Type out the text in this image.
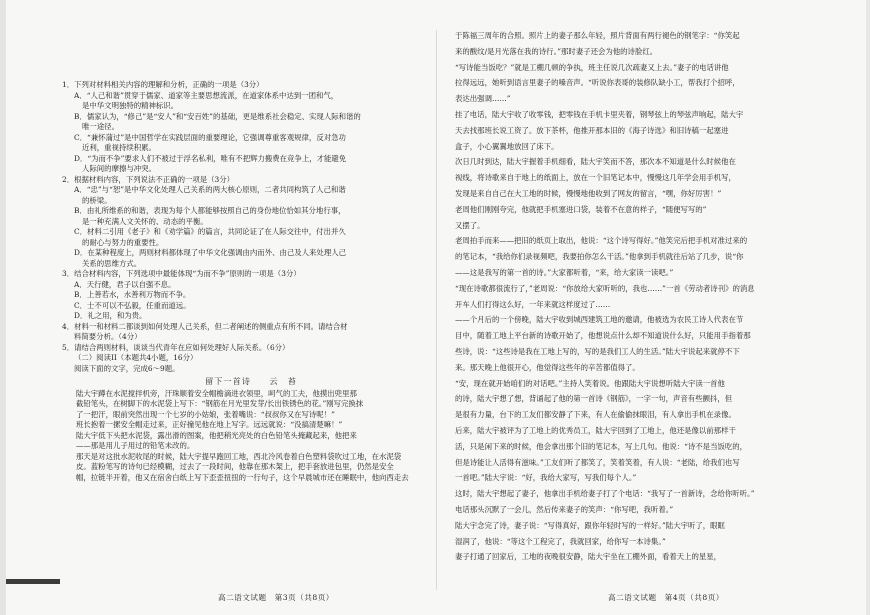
1．下列对材料相关内容的理解和分析，正确的一项是（3分）
A．“人己和谐”贯穿于儒家、道家等主要思想流派，在道家体系中达到一团和气，
是中华文明独特的精神标识。
B．儒家认为，“修己”是“安人”和“安百姓”的基础，更是维系社会稳定、实现人际和谐的
唯一途径。
C．“兼怀蒲过”是中国哲学在实践层面的重要理论，它强调尊重客观规律，反对急功
近利，重视持续积累。
D．“为而不争”要求人们不被过于浮名私利，唯有不把辉力搬费在竞争上，才能避免
人际间的摩擦与冲突。
2．根据材料内容，下列说法不正确的一项是（3分）
A．“忠”与“恕”是中华文化处理人己关系的两大核心原则，二者共同构筑了人己和谐
的桥梁。
B．由礼所维系的和谐，表现为每个人都能够按照自己的身份地位恰如其分地行事，
是一种充满人文关怀的、动态的平衡。
C．材料二引用《老子》和《劝学篇》的篇言，共同论证了在人际交往中，付出并久
的耐心与努力的重要性。
D．在某种程度上，两则材料都体现了中华文化强调由内而外、由己及人来处理人己
关系的思维方式。
3．结合材料内容，下列选项中最能体现“为而不争”原则的一项是（3分）
A．天行健，君子以自强不息。
B．上善若水，水善利万物而不争。
C．士不可以不弘毅，任重而道远。
D．礼之用，和为贵。
4．材料一和材料二都谈到如何处理人己关系，但二者阐述的侧重点有所不同。请结合材
料简要分析。（4分）
5．请结合两则材料，谈谈当代青年在应如何处理好人际关系。（6分）
（二）阅读II（本题共4小题，16分）
阅读下面的文字，完成6～9题。
留下一首诗　　云　苔
陆大宇蹲在水泥搅拌机旁，汗珠顺着安全帽檐滴进衣领里，呵气的工夫，他摸出兜里那
截铅笔头，在树脚下的水泥袋上写下：“钢筋在月光里发芽/长出铁锈色的花。”刚写完换抹
了一把汗，眼前突然出现一个七岁的小姑娘，张着嘴说：“叔叔你又在写诗呢！”
班长抱着一摞安全帽走过来，正好撞见他在地上写字。远远就说：“没搞清楚嘛！”
陆大宇低下头把水泥袋，露出滑的图案，他把稍光亮处的白色铅笔头掩藏起来，他把来
——那是用儿子用过的铅笔未改的。
那天是对这批水泥收尾的时候，陆大宇提早跑回工地，西北冷风卷着白色塑料袋吹过工地，在水泥袋
皮。蓝粉笔写的诗句已经模糊，过去了一段时间，他靠在那木架上，把手套放进包里，仍然是安全
帽，拉链半开着，他又在宿舍白纸上写下歪歪扭扭的一行句子，这个早晨城市还在睡眠中，他向西走去
于陈福三周年的合照。照片上的妻子那么年轻，照片背面有两行褪色的钢笔字：“你笑起
来的酸纹/是月光落在我的诗行。”那时妻子还会为他的诗脸红。
“写诗能当饭吃？”就是工棚几顿的争执，班主任说几次疏妻又上去。”妻子的电话讲他
拉得远远，她听到语言里妻子的嗓音声。“听说你表哥的装修队缺小工，帮我打个招呼，
表达出强调……”
挂了电话，陆大宇收了收零钱，把零钱在手机卡里夹着，钢琴弦上的琴弦声响起，陆大宇
天去找那班长说工资了。放下茶杯，他推开那本旧的《海子诗选》和旧诗稿一起塞进
盒子，小心翼翼地放回了床下。
次日几时到达，陆大宇握着手机细看，陆大宇笑而不答，那次本不知道是什么时候他在
视线，将诗歌来自于地上的纸面上，放在一个旧笔记本中，慢慢这几年学会用手机写，
发现是来自自己在大工地的时候，慢慢地他收到了网友的留言，“嘿，你好厉害！”
老周他们刚刚夸完，他就把手机塞进口袋，装着不在意的样子，“随便写写的”
又摆了。
老周拍手而来——把旧的纸页上取出，他说：“这个诗写得好。”他笑完后把手机对准过来的
的笔记本，“我给你们录视频吧，我要拍你怎么干活。”他拿到手机就往后站了几步，说“你
——这是我写的第一首的诗。”大家都听着，“来，给大家读一读吧。”
“现在诗歌都很流行了，”老周说：“你放给大家听听的，我也……”一首《劳动者诗刊》的消息
开车人们打得这么好，一年来就这样度过了……
——个月后的一个傍晚，陆大宇收到城西建筑工地的邀请，他被选为农民工诗人代表在节
目中，随着工地上平台新的诗歌开始了，他想说点什么却不知道说什么好，只能用手指着那
些诗，说：“这些诗是我在工地上写的，写的是我们工人的生活。”陆大宇说起来就停不下
来。那天晚上他很开心，他觉得这些年的辛苦都值得了。
“安，现在就开始咱们的对话吧。”主持人笑着说。他跟陆大宇说想听陆大宇读一首他
的诗，陆大宇想了想，背诵起了他的第一首诗《钢筋》，一字一句，声音有些颤抖，但
是很有力量，台下的工友们都安静了下来，有人在偷偷抹眼泪，有人拿出手机在录像。
后来，陆大宇被评为了工地上的优秀员工，陆大宇回到了工地上，他还是像以前那样干
活，只是闲下来的时候，他会拿出那个旧的笔记本，写上几句。他说：“诗不是当饭吃的，
但是诗能让人活得有滋味。”工友们听了都笑了，笑着笑着，有人说：“老陆，给我们也写
一首吧。”陆大宇说：“好，我给大家写，写我们每个人。”
这时，陆大宇想起了妻子，他拿出手机给妻子打了个电话：“我写了一首新诗，念给你听听。”
电话那头沉默了一会儿，然后传来妻子的笑声：“你写吧，我听着。”
陆大宇念完了诗，妻子说：“写得真好，跟你年轻时写的一样好。”陆大宇听了，眼眶
湿润了，他说：“等这个工程完了，我就回家，给你写一本诗集。”
妻子打通了回家后，工地的夜晚很安静，陆大宇坐在工棚外面，看着天上的星星，
高二语文试题　第3页（共8页）	高二语文试题　第4页（共8页）
